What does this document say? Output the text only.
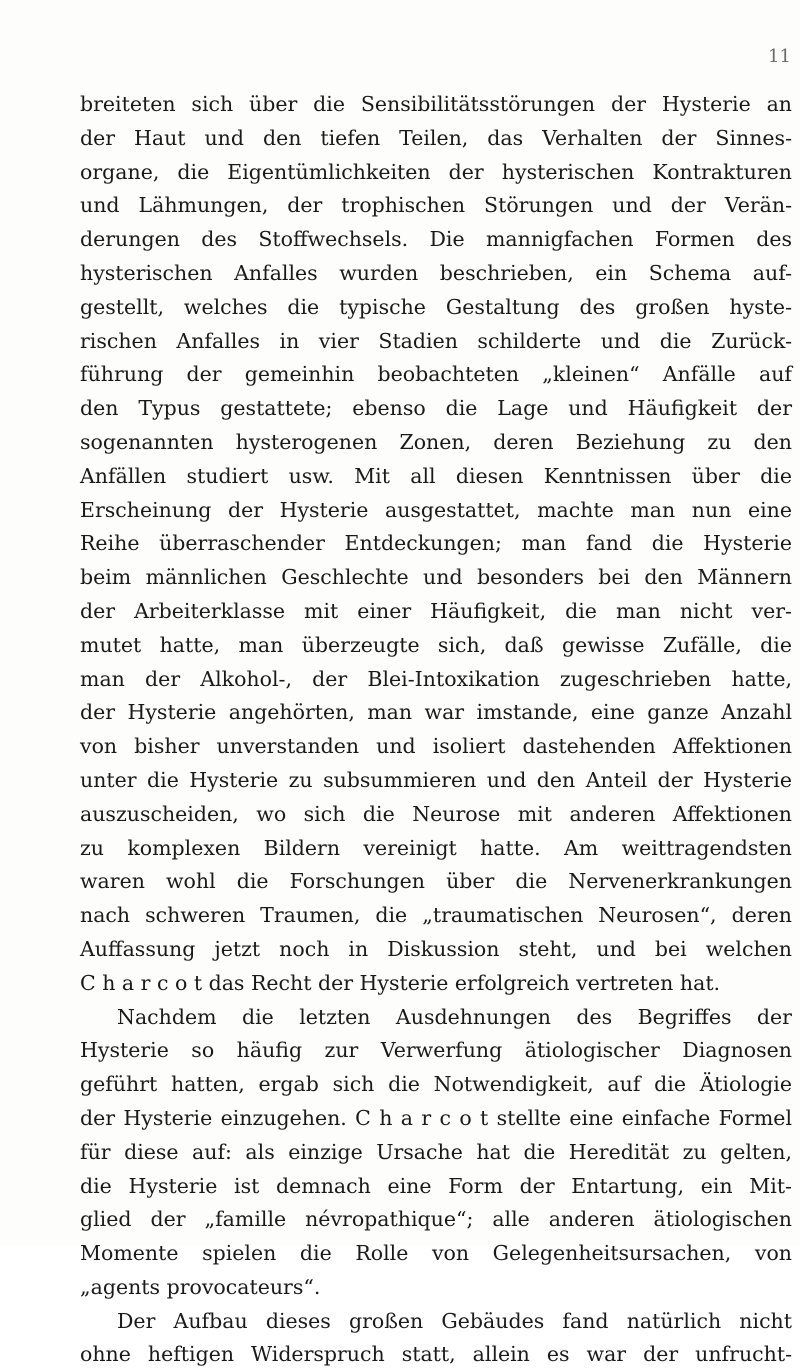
11
breiteten sich über die Sensibilitätsstörungen der Hysterie an
der Haut und den tiefen Teilen, das Verhalten der Sinnes-
organe, die Eigentümlichkeiten der hysterischen Kontrakturen
und Lähmungen, der trophischen Störungen und der Verän-
derungen des Stoffwechsels. Die mannigfachen Formen des
hysterischen Anfalles wurden beschrieben, ein Schema auf-
gestellt, welches die typische Gestaltung des großen hyste-
rischen Anfalles in vier Stadien schilderte und die Zurück-
führung der gemeinhin beobachteten „kleinen“ Anfälle auf
den Typus gestattete; ebenso die Lage und Häufigkeit der
sogenannten hysterogenen Zonen, deren Beziehung zu den
Anfällen studiert usw. Mit all diesen Kenntnissen über die
Erscheinung der Hysterie ausgestattet, machte man nun eine
Reihe überraschender Entdeckungen; man fand die Hysterie
beim männlichen Geschlechte und besonders bei den Männern
der Arbeiterklasse mit einer Häufigkeit, die man nicht ver-
mutet hatte, man überzeugte sich, daß gewisse Zufälle, die
man der Alkohol-, der Blei-Intoxikation zugeschrieben hatte,
der Hysterie angehörten, man war imstande, eine ganze Anzahl
von bisher unverstanden und isoliert dastehenden Affektionen
unter die Hysterie zu subsummieren und den Anteil der Hysterie
auszuscheiden, wo sich die Neurose mit anderen Affektionen
zu komplexen Bildern vereinigt hatte. Am weittragendsten
waren wohl die Forschungen über die Nervenerkrankungen
nach schweren Traumen, die „traumatischen Neurosen“, deren
Auffassung jetzt noch in Diskussion steht, und bei welchen
C h a r c o t das Recht der Hysterie erfolgreich vertreten hat.
Nachdem die letzten Ausdehnungen des Begriffes der
Hysterie so häufig zur Verwerfung ätiologischer Diagnosen
geführt hatten, ergab sich die Notwendigkeit, auf die Ätiologie
der Hysterie einzugehen. C h a r c o t stellte eine einfache Formel
für diese auf: als einzige Ursache hat die Heredität zu gelten,
die Hysterie ist demnach eine Form der Entartung, ein Mit-
glied der „famille névropathique“; alle anderen ätiologischen
Momente spielen die Rolle von Gelegenheitsursachen, von
„agents provocateurs“.
Der Aufbau dieses großen Gebäudes fand natürlich nicht
ohne heftigen Widerspruch statt, allein es war der unfrucht-
